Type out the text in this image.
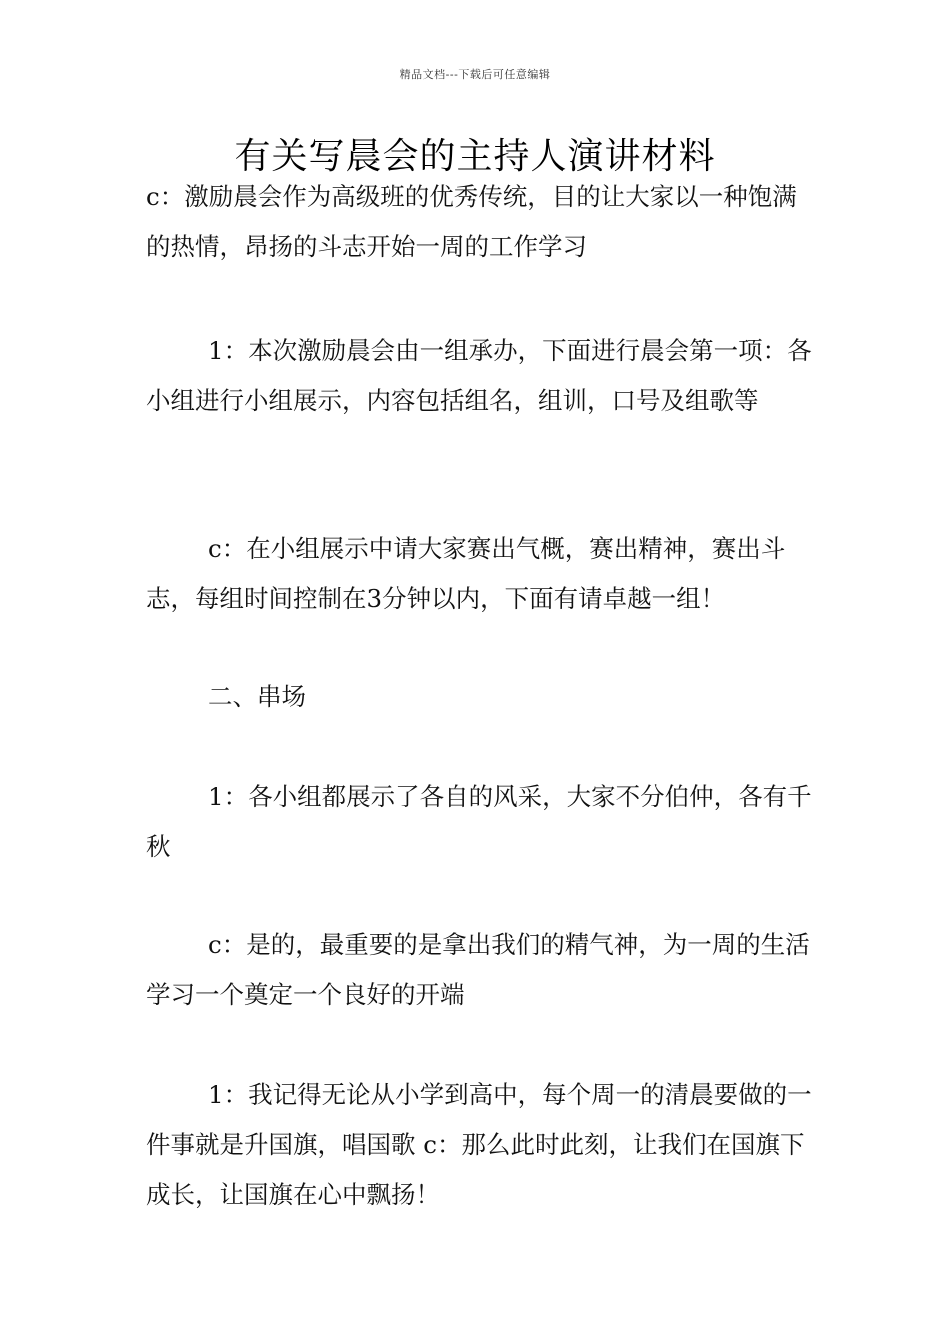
精品文档---下载后可任意编辑
有关写晨会的主持人演讲材料

c：激励晨会作为高级班的优秀传统，目的让大家以一种饱满的热情，昂扬的斗志开始一周的工作学习

1：本次激励晨会由一组承办，下面进行晨会第一项：各小组进行小组展示，内容包括组名，组训，口号及组歌等

c：在小组展示中请大家赛出气概，赛出精神，赛出斗志，每组时间控制在3分钟以内，下面有请卓越一组！

二、串场

1：各小组都展示了各自的风采，大家不分伯仲，各有千秋

c：是的，最重要的是拿出我们的精气神，为一周的生活学习一个奠定一个良好的开端

1：我记得无论从小学到高中，每个周一的清晨要做的一件事就是升国旗，唱国歌 c：那么此时此刻，让我们在国旗下成长，让国旗在心中飘扬！
